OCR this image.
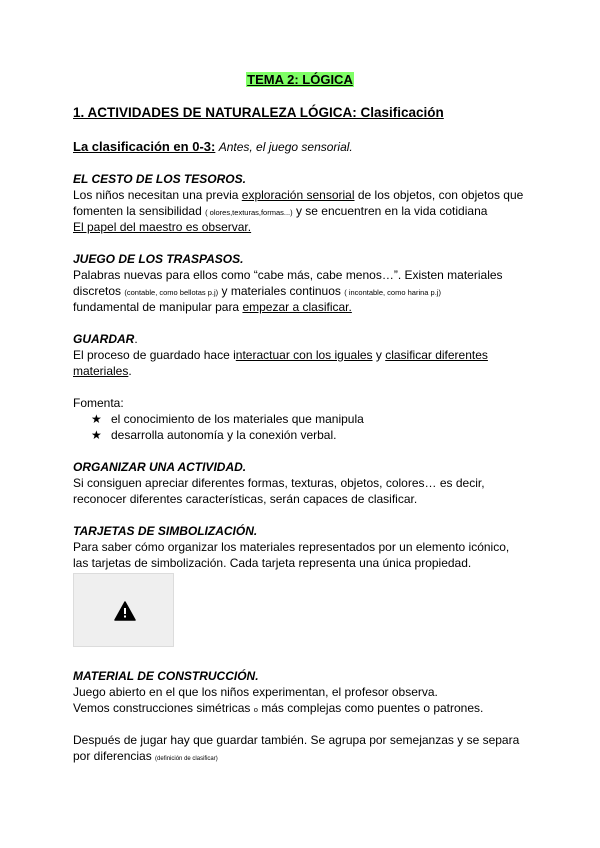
TEMA 2: LÓGICA
1. ACTIVIDADES DE NATURALEZA LÓGICA: Clasificación
La clasificación en 0-3: Antes, el juego sensorial.
EL CESTO DE LOS TESOROS.
Los niños necesitan una previa exploración sensorial de los objetos, con objetos que
fomenten la sensibilidad ( olores,texturas,formas...) y se encuentren en la vida cotidiana
El papel del maestro es observar.
JUEGO DE LOS TRASPASOS.
Palabras nuevas para ellos como “cabe más, cabe menos…”. Existen materiales
discretos (contable, como bellotas p.j) y materiales continuos ( incontable, como harina p.j)
fundamental de manipular para empezar a clasificar.
GUARDAR.
El proceso de guardado hace interactuar con los iguales y clasificar diferentes
materiales.
Fomenta:
★ el conocimiento de los materiales que manipula
★ desarrolla autonomía y la conexión verbal.
ORGANIZAR UNA ACTIVIDAD.
Si consiguen apreciar diferentes formas, texturas, objetos, colores… es decir,
reconocer diferentes características, serán capaces de clasificar.
TARJETAS DE SIMBOLIZACIÓN.
Para saber cómo organizar los materiales representados por un elemento icónico,
las tarjetas de simbolización. Cada tarjeta representa una única propiedad.
MATERIAL DE CONSTRUCCIÓN.
Juego abierto en el que los niños experimentan, el profesor observa.
Vemos construcciones simétricas o más complejas como puentes o patrones.
Después de jugar hay que guardar también. Se agrupa por semejanzas y se separa
por diferencias (definición de clasificar)
